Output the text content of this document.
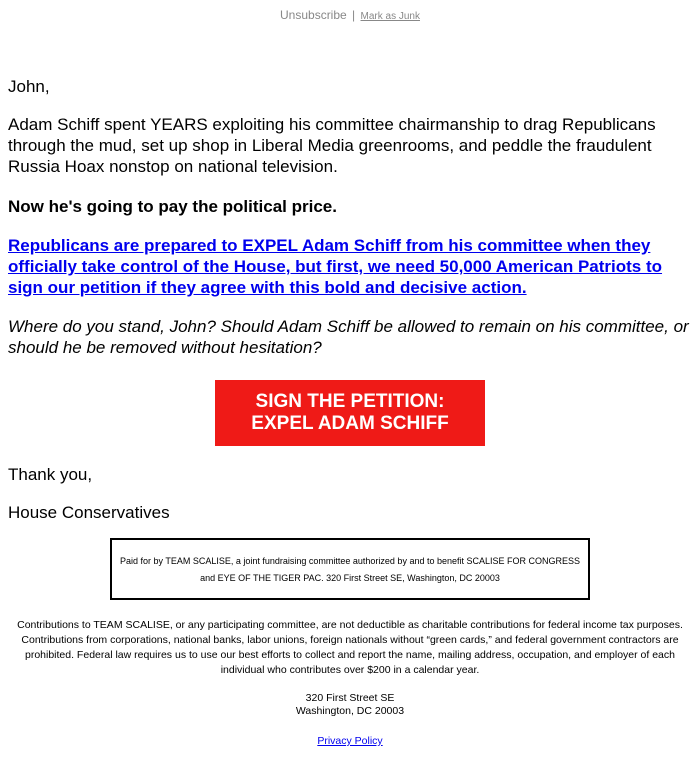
Unsubscribe | Mark as Junk

John,

Adam Schiff spent YEARS exploiting his committee chairmanship to drag Republicans through the mud, set up shop in Liberal Media greenrooms, and peddle the fraudulent Russia Hoax nonstop on national television.

Now he's going to pay the political price.

Republicans are prepared to EXPEL Adam Schiff from his committee when they officially take control of the House, but first, we need 50,000 American Patriots to sign our petition if they agree with this bold and decisive action.

Where do you stand, John? Should Adam Schiff be allowed to remain on his committee, or should he be removed without hesitation?

SIGN THE PETITION:
EXPEL ADAM SCHIFF

Thank you,

House Conservatives

Paid for by TEAM SCALISE, a joint fundraising committee authorized by and to benefit SCALISE FOR CONGRESS and EYE OF THE TIGER PAC. 320 First Street SE, Washington, DC 20003
Contributions to TEAM SCALISE, or any participating committee, are not deductible as charitable contributions for federal income tax purposes. Contributions from corporations, national banks, labor unions, foreign nationals without “green cards,” and federal government contractors are prohibited. Federal law requires us to use our best efforts to collect and report the name, mailing address, occupation, and employer of each individual who contributes over $200 in a calendar year.
320 First Street SE
Washington, DC 20003
Privacy Policy
